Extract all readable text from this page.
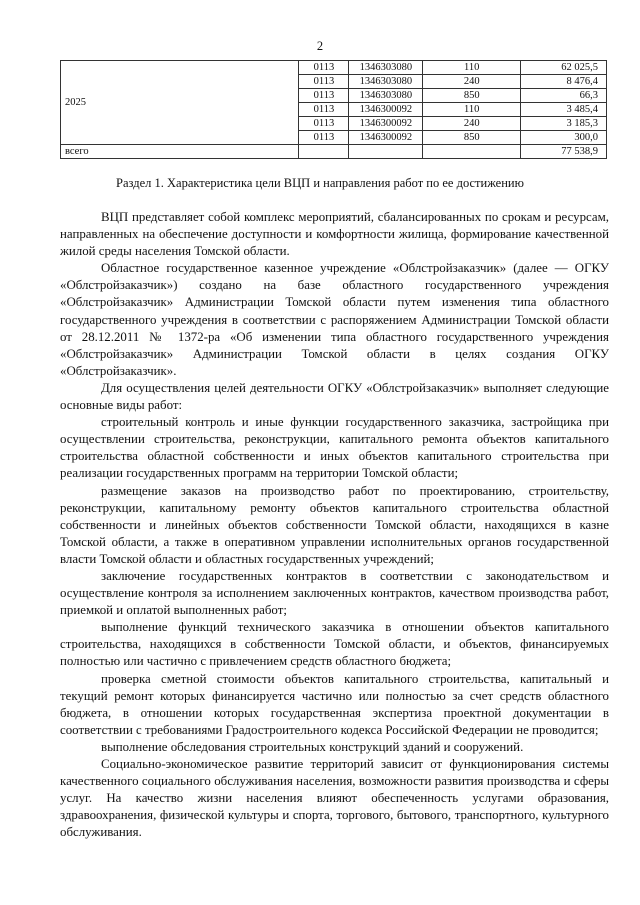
2
2025	0113	1346303080	110	62 025,5
	0113	1346303080	240	8 476,4
	0113	1346303080	850	66,3
	0113	1346300092	110	3 485,4
	0113	1346300092	240	3 185,3
	0113	1346300092	850	300,0
всего				77 538,9
Раздел 1. Характеристика цели ВЦП и направления работ по ее достижению

ВЦП представляет собой комплекс мероприятий, сбалансированных по срокам и ресурсам, направленных на обеспечение доступности и комфортности жилища, формирование качественной жилой среды населения Томской области.

Областное государственное казенное учреждение «Облстройзаказчик» (далее — ОГКУ «Облстройзаказчик») создано на базе областного государственного учреждения «Облстройзаказчик» Администрации Томской области путем изменения типа областного государственного учреждения в соответствии с распоряжением Администрации Томской области от 28.12.2011 № 1372-ра «Об изменении типа областного государственного учреждения «Облстройзаказчик» Администрации Томской области в целях создания ОГКУ «Облстройзаказчик».

Для осуществления целей деятельности ОГКУ «Облстройзаказчик» выполняет следующие основные виды работ:

строительный контроль и иные функции государственного заказчика, застройщика при осуществлении строительства, реконструкции, капитального ремонта объектов капитального строительства областной собственности и иных объектов капитального строительства при реализации государственных программ на территории Томской области;

размещение заказов на производство работ по проектированию, строительству, реконструкции, капитальному ремонту объектов капитального строительства областной собственности и линейных объектов собственности Томской области, находящихся в казне Томской области, а также в оперативном управлении исполнительных органов государственной власти Томской области и областных государственных учреждений;

заключение государственных контрактов в соответствии с законодательством и осуществление контроля за исполнением заключенных контрактов, качеством производства работ, приемкой и оплатой выполненных работ;

выполнение функций технического заказчика в отношении объектов капитального строительства, находящихся в собственности Томской области, и объектов, финансируемых полностью или частично с привлечением средств областного бюджета;

проверка сметной стоимости объектов капитального строительства, капитальный и текущий ремонт которых финансируется частично или полностью за счет средств областного бюджета, в отношении которых государственная экспертиза проектной документации в соответствии с требованиями Градостроительного кодекса Российской Федерации не проводится;

выполнение обследования строительных конструкций зданий и сооружений.

Социально-экономическое развитие территорий зависит от функционирования системы качественного социального обслуживания населения, возможности развития производства и сферы услуг. На качество жизни населения влияют обеспеченность услугами образования, здравоохранения, физической культуры и спорта, торгового, бытового, транспортного, культурного обслуживания.
